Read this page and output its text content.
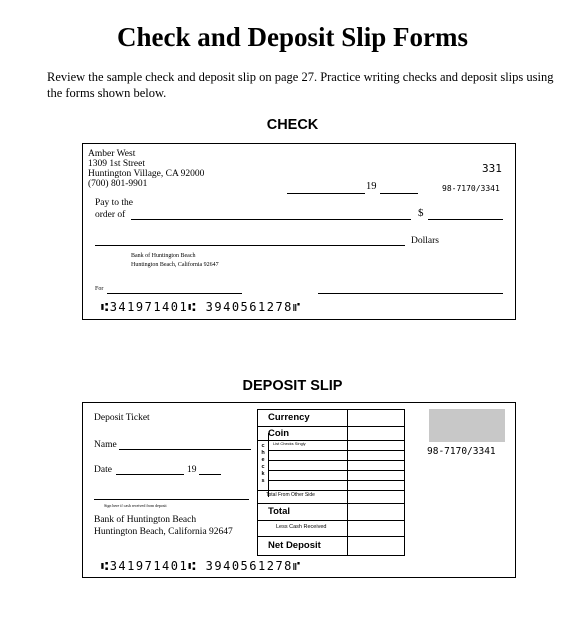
Check and Deposit Slip Forms
Review the sample check and deposit slip on page 27. Practice writing checks and deposit slips using the forms shown below.
CHECK
Amber West
1309 1st Street
Huntington Village, CA 92000
(700) 801-9901
331
19	98-7170/3341
Pay to the
order of	$
Dollars
Bank of Huntington Beach
Huntington Beach, California 92647
For
⑆341971401⑆ 3940561278⑈
DEPOSIT SLIP
Deposit Ticket
Name
Date	19
Sign here if cash received from deposit
Bank of Huntington Beach
Huntington Beach, California 92647
Currency
Coin
checks
List Checks Singly
Total From Other Side
Total
Less Cash Received
Net Deposit
98-7170/3341
⑆341971401⑆ 3940561278⑈
